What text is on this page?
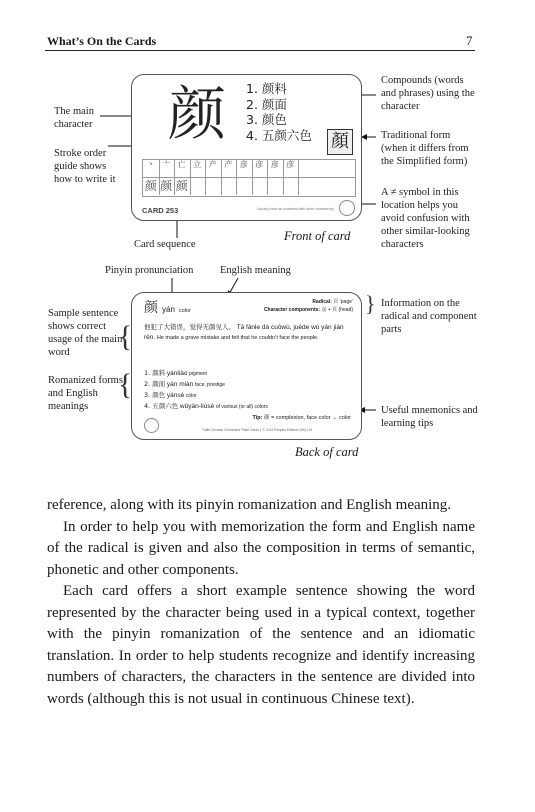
What’s On the Cards	7
颜 1. 颜料
2. 颜面
3. 颜色
4. 五颜六色 顏
丶 亠 亡 立 产 产 彦 彦 彦 彦
颜 颜 颜
CARD 253	Usually must be combined with other character(s)
Front of card
The main character
Stroke order guide shows how to write it
Card sequence
Compounds (words and phrases) using the character
Traditional form (when it differs from the Simplified form)
A ≠ symbol in this location helps you avoid confusion with other similar-looking characters
Pinyin pronunciation	English meaning
颜 yán color
Radical: 頁 ‘page’
Character components: 彦 + 頁 (head)
他犯了大错误，觉得无颜见人。 Tā fànle dà cuòwù, juéde wú yán jiàn rén. He made a grave mistake and felt that he couldn’t face the people.
1. 颜料 yánliào pigment
2. 颜面 yán miàn face, prestige
3. 颜色 yánsè color
4. 五颜六色 wǔyán-liùsè of various (or all) colors
Tip: 颜 = complexion, face color → color
Tuttle Chinese Characters Flash Cards 1 © 2012 Periplus Editions (HK) Ltd
Back of card
Sample sentence shows correct usage of the main word	{
Romanized forms and English meanings
{
} Information on the radical and component parts
Useful mnemonics and learning tips

reference, along with its pinyin romanization and English meaning.

In order to help you with memorization the form and English name of the radical is given and also the composition in terms of semantic, phonetic and other components.

Each card offers a short example sentence showing the word represented by the character being used in a typical context, together with the pinyin romanization of the sentence and an idiomatic translation. In order to help students recognize and identify increasing numbers of characters, the characters in the sentence are divided into words (although this is not usual in continuous Chinese text).
